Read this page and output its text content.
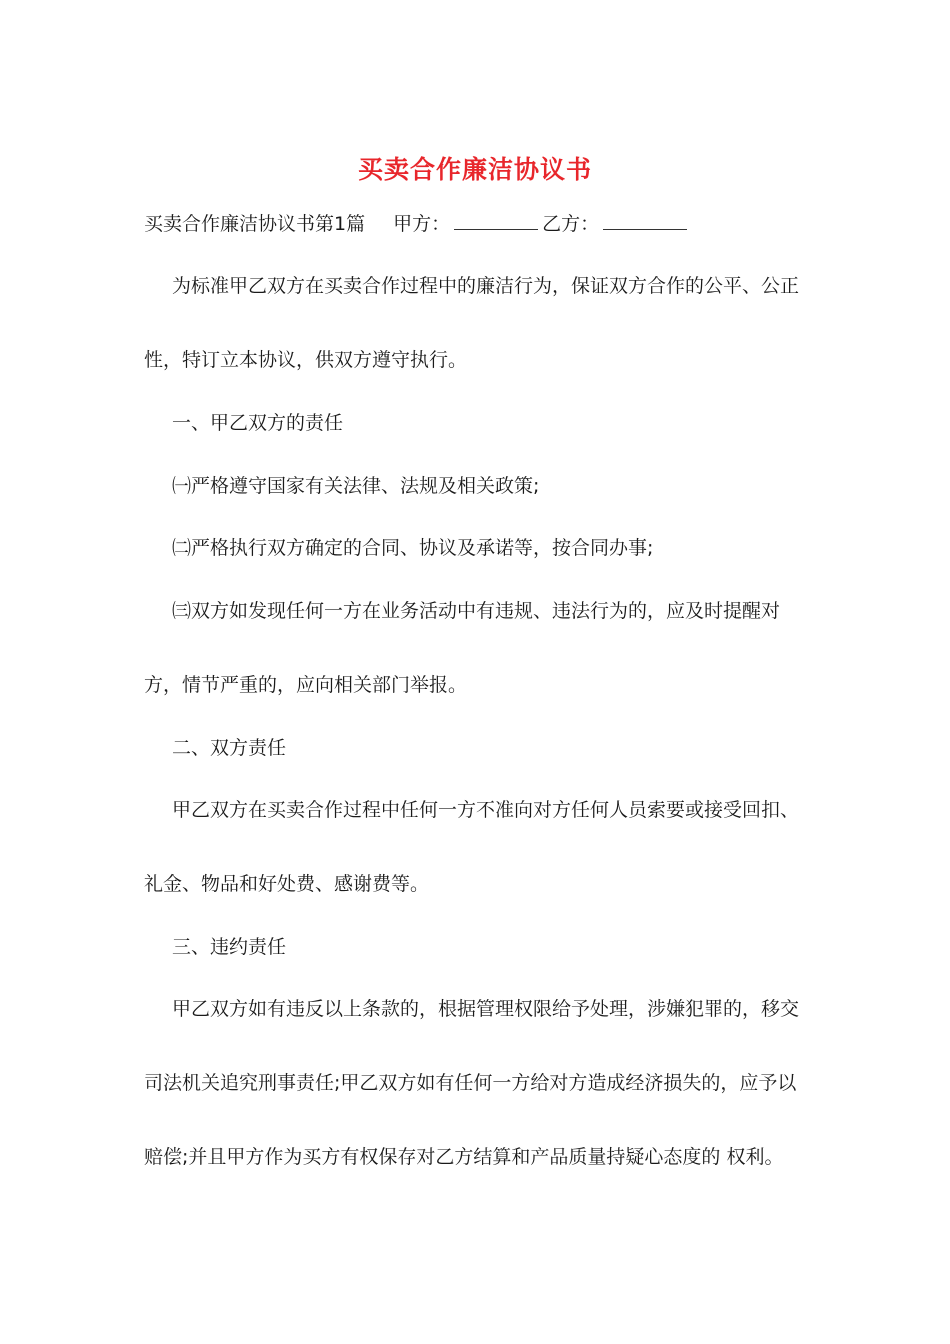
买卖合作廉洁协议书
买卖合作廉洁协议书第1篇 甲方：	乙方：
为标准甲乙双方在买卖合作过程中的廉洁行为，保证双方合作的公平、公正
性，特订立本协议，供双方遵守执行。
一、甲乙双方的责任
㈠严格遵守国家有关法律、法规及相关政策;
㈡严格执行双方确定的合同、协议及承诺等，按合同办事;
㈢双方如发现任何一方在业务活动中有违规、违法行为的，应及时提醒对
方，情节严重的，应向相关部门举报。
二、双方责任
甲乙双方在买卖合作过程中任何一方不准向对方任何人员索要或接受回扣、
礼金、物品和好处费、感谢费等。
三、违约责任
甲乙双方如有违反以上条款的，根据管理权限给予处理，涉嫌犯罪的，移交
司法机关追究刑事责任;甲乙双方如有任何一方给对方造成经济损失的，应予以
赔偿;并且甲方作为买方有权保存对乙方结算和产品质量持疑心态度的 权利。
